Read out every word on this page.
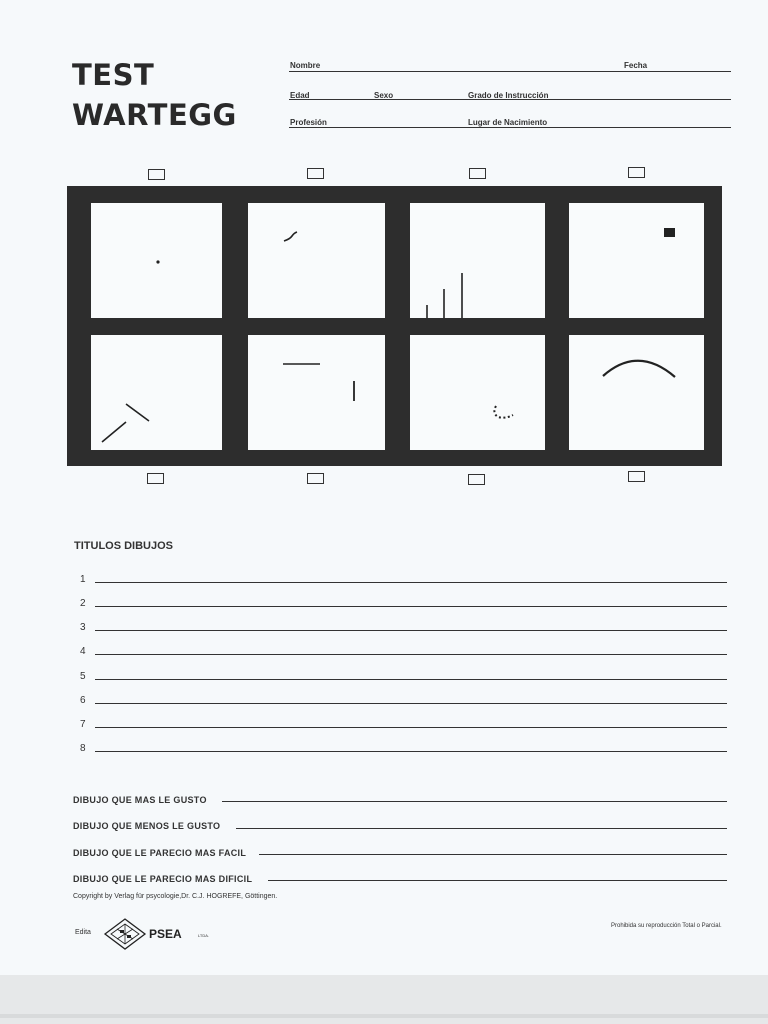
TEST
WARTEGG
Nombre	Fecha
Edad	Sexo	Grado de Instrucción
Profesión	Lugar de Nacimiento
TITULOS DIBUJOS
1
2
3
4
5
6
7
8
DIBUJO QUE MAS LE GUSTO
DIBUJO QUE MENOS LE GUSTO
DIBUJO QUE LE PARECIO MAS FACIL
DIBUJO QUE LE PARECIO MAS DIFICIL
Copyright by Verlag für psycologie,Dr. C.J. HOGREFE, Göttingen.
Edita	PSEA	LTDA.
Prohibida su reproducción Total o Parcial.
